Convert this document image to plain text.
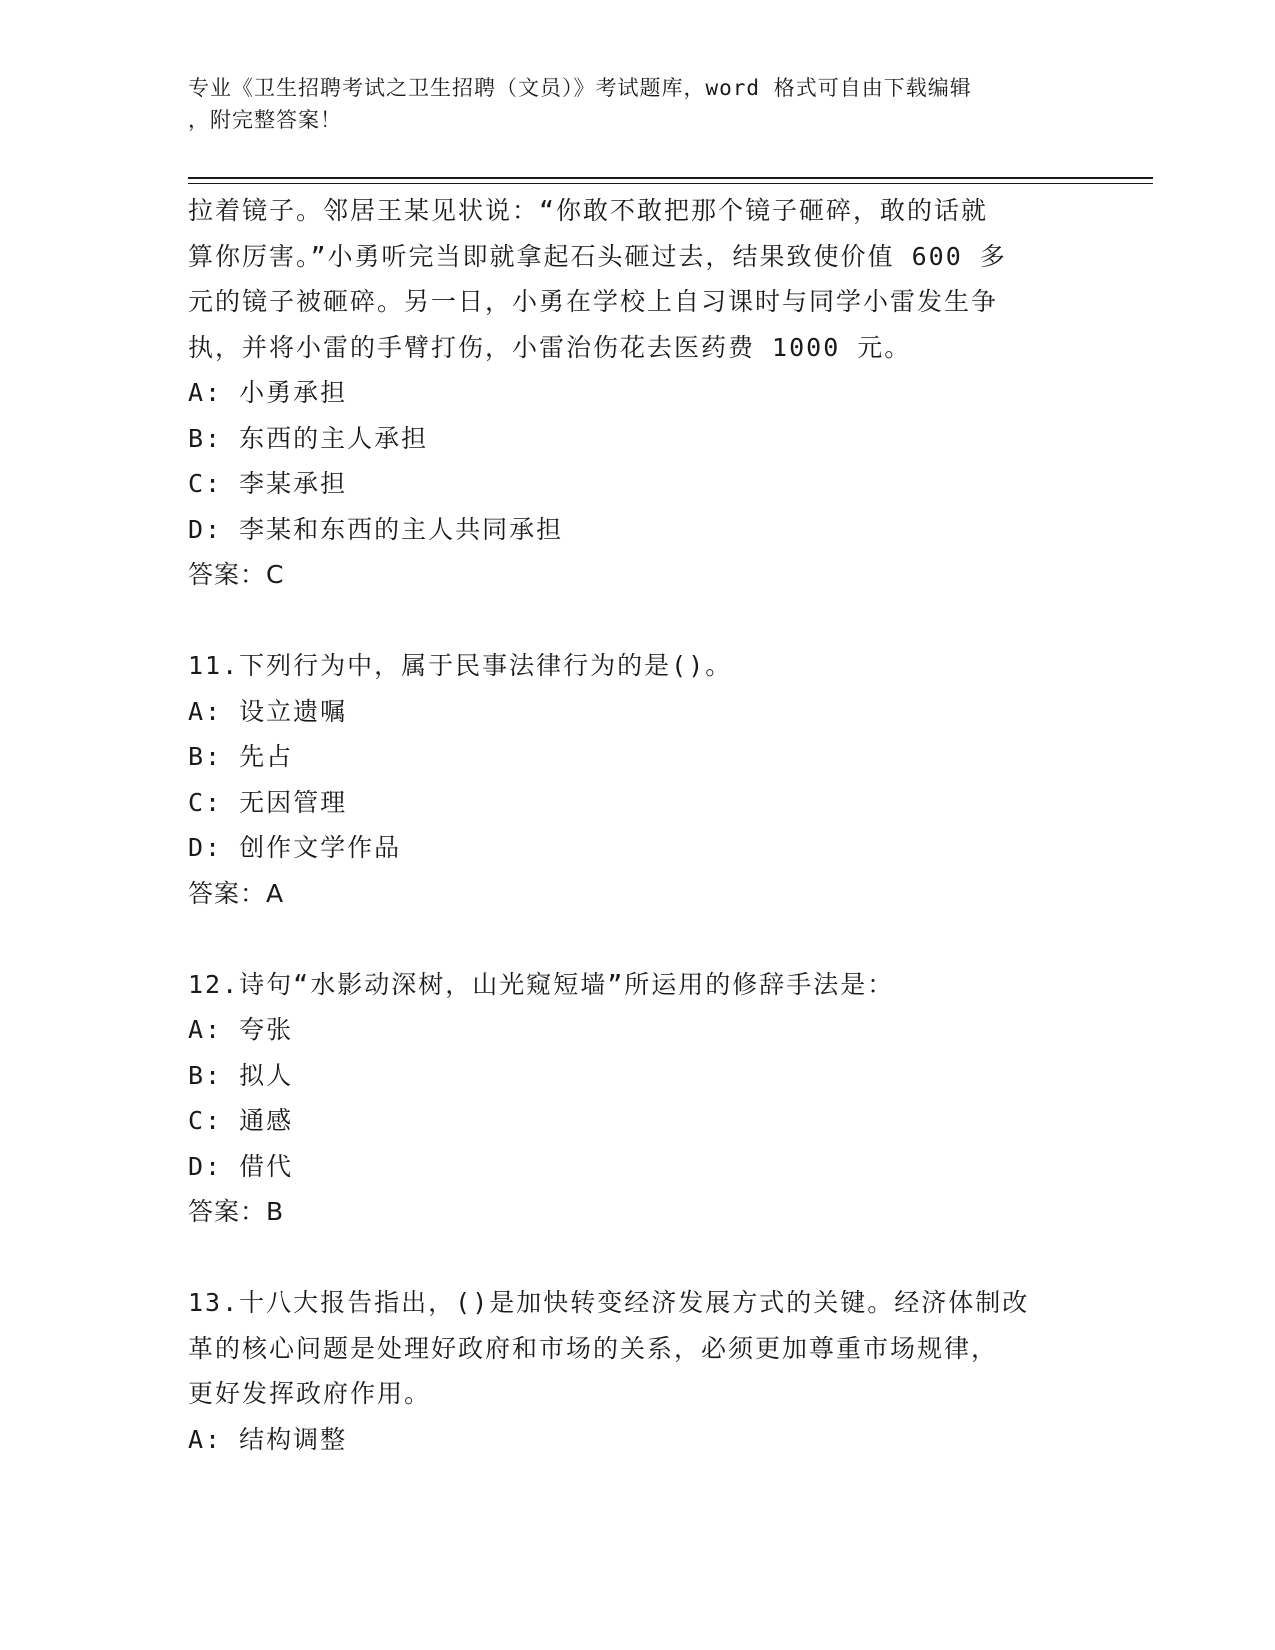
专业《卫生招聘考试之卫生招聘（文员）》考试题库，word 格式可自由下载编辑
，附完整答案！
拉着镜子。邻居王某见状说：“你敢不敢把那个镜子砸碎，敢的话就
算你厉害。”小勇听完当即就拿起石头砸过去，结果致使价值 600 多
元的镜子被砸碎。另一日，小勇在学校上自习课时与同学小雷发生争
执，并将小雷的手臂打伤，小雷治伤花去医药费 1000 元。
A: 小勇承担
B: 东西的主人承担
C: 李某承担
D: 李某和东西的主人共同承担
答案：C
11.下列行为中，属于民事法律行为的是()。
A: 设立遗嘱
B: 先占
C: 无因管理
D: 创作文学作品
答案：A
12.诗句“水影动深树，山光窥短墙”所运用的修辞手法是：
A: 夸张
B: 拟人
C: 通感
D: 借代
答案：B
13.十八大报告指出，()是加快转变经济发展方式的关键。经济体制改
革的核心问题是处理好政府和市场的关系，必须更加尊重市场规律，
更好发挥政府作用。
A: 结构调整
